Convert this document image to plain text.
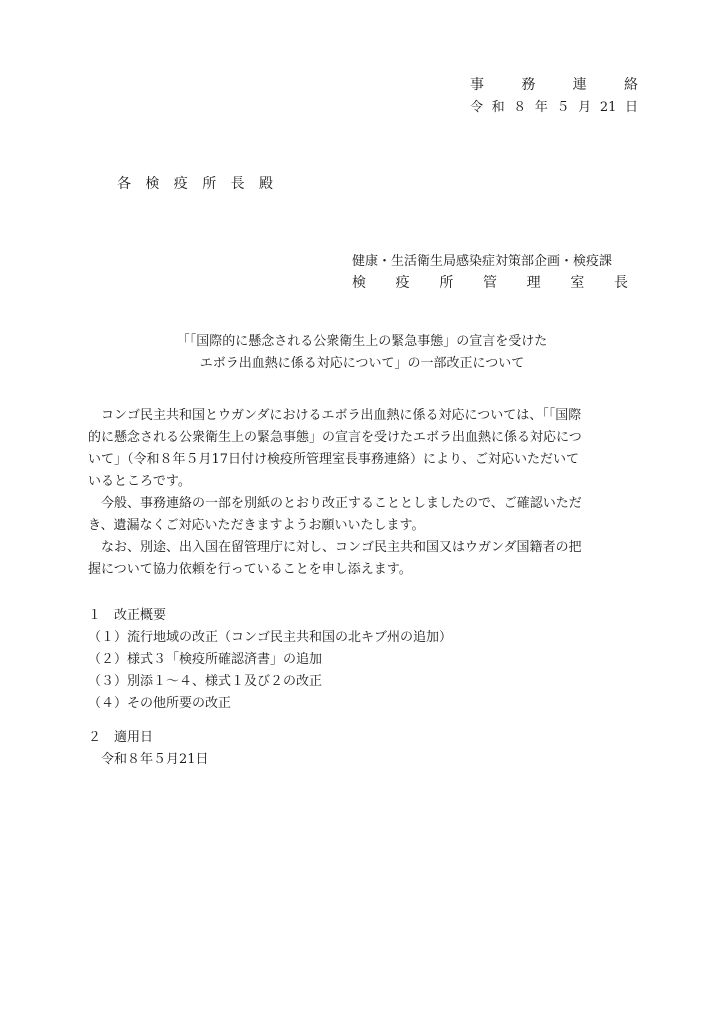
事務連絡
令和８年５月21日
各検疫所長殿
健康・生活衛生局感染症対策部企画・検疫課
検疫所管理室長
「「国際的に懸念される公衆衛生上の緊急事態」の宣言を受けた
エボラ出血熱に係る対応について」の一部改正について
　コンゴ民主共和国とウガンダにおけるエボラ出血熱に係る対応については、「「国際
的に懸念される公衆衛生上の緊急事態」の宣言を受けたエボラ出血熱に係る対応につ
いて」（令和８年５月17日付け検疫所管理室長事務連絡）により、ご対応いただいて
いるところです。
　今般、事務連絡の一部を別紙のとおり改正することとしましたので、ご確認いただ
き、遺漏なくご対応いただきますようお願いいたします。
　なお、別途、出入国在留管理庁に対し、コンゴ民主共和国又はウガンダ国籍者の把
握について協力依頼を行っていることを申し添えます。
１　改正概要
（１）流行地域の改正（コンゴ民主共和国の北キブ州の追加）
（２）様式３「検疫所確認済書」の追加
（３）別添１～４、様式１及び２の改正
（４）その他所要の改正
２　適用日
　令和８年５月21日
